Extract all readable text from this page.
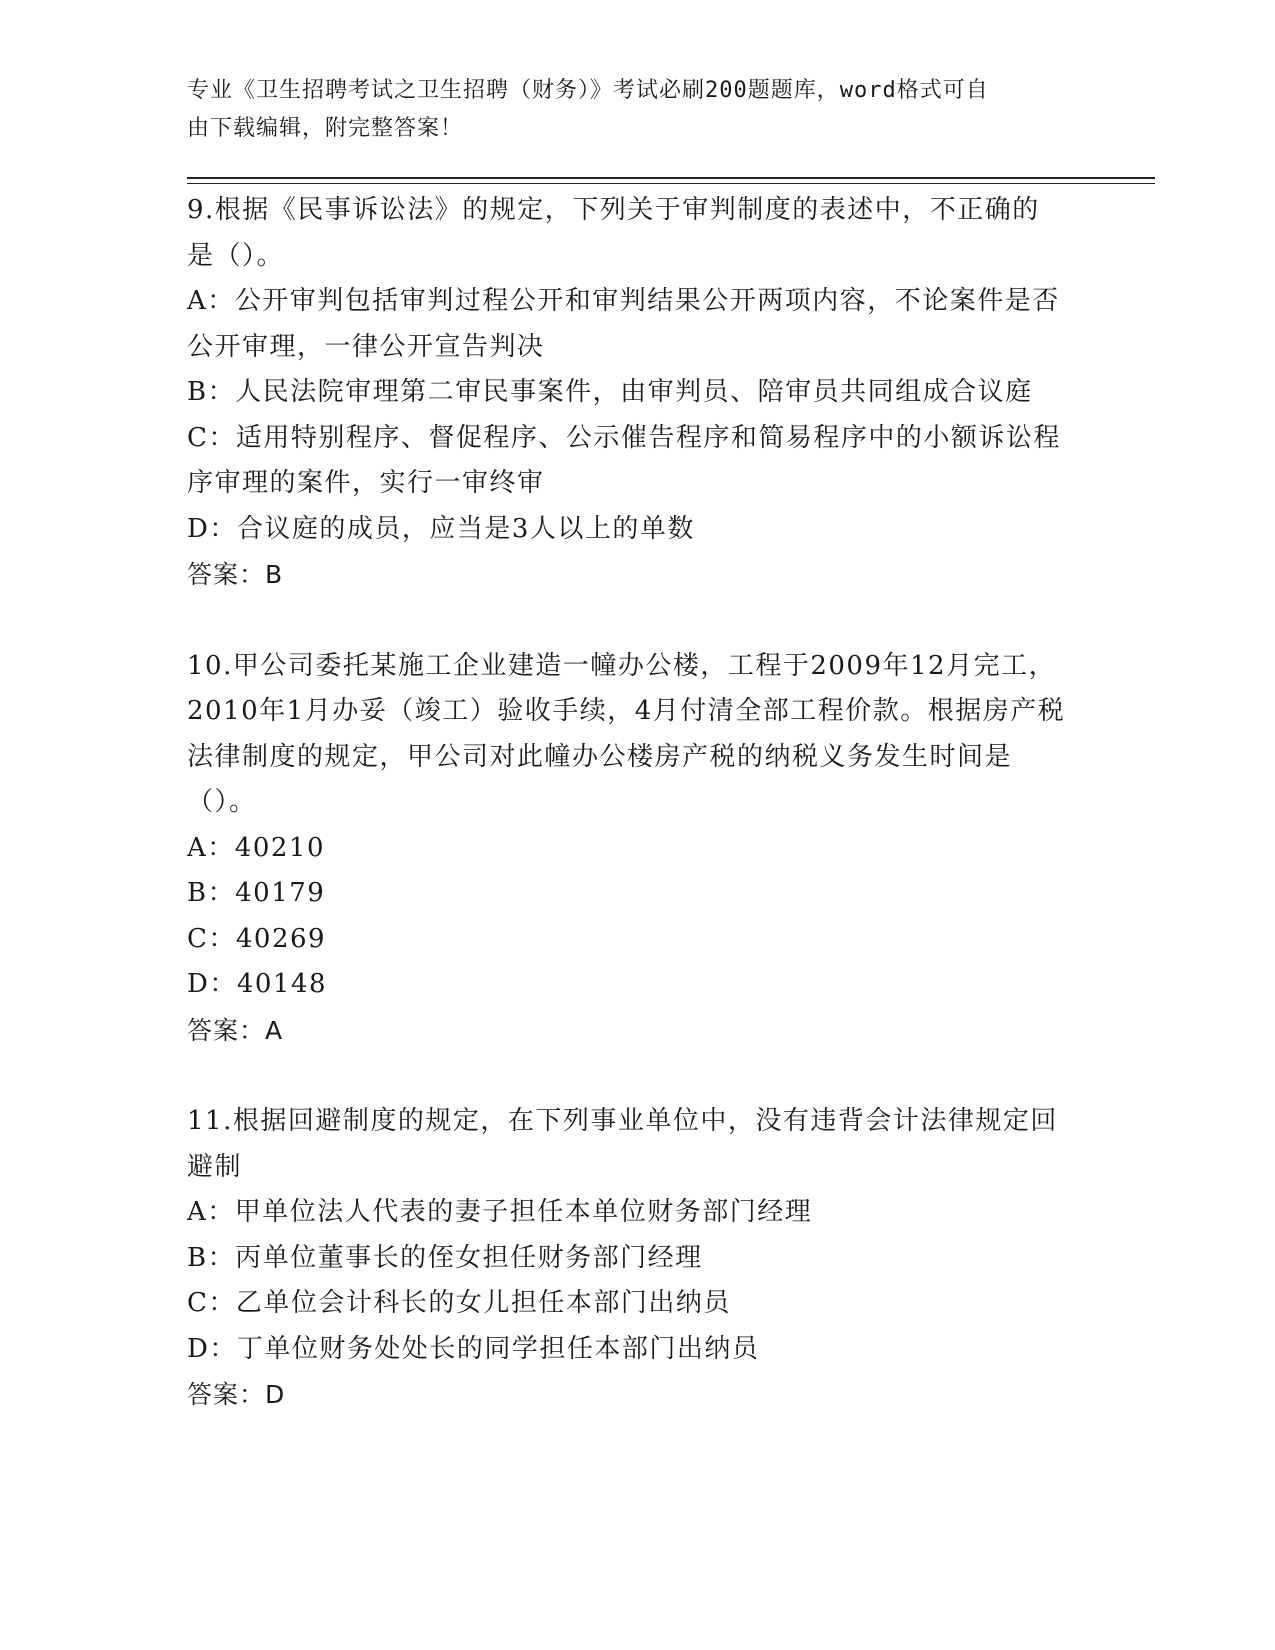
专业《卫生招聘考试之卫生招聘（财务）》考试必刷200题题库，word格式可自
由下载编辑，附完整答案！

9.根据《民事诉讼法》的规定，下列关于审判制度的表述中，不正确的是（）。

A：公开审判包括审判过程公开和审判结果公开两项内容，不论案件是否公开审理，一律公开宣告判决

B：人民法院审理第二审民事案件，由审判员、陪审员共同组成合议庭

C：适用特别程序、督促程序、公示催告程序和简易程序中的小额诉讼程序审理的案件，实行一审终审

D：合议庭的成员，应当是3人以上的单数

答案：B

10.甲公司委托某施工企业建造一幢办公楼，工程于2009年12月完工，2010年1月办妥（竣工）验收手续，4月付清全部工程价款。根据房产税法律制度的规定，甲公司对此幢办公楼房产税的纳税义务发生时间是（）。

A：40210

B：40179

C：40269

D：40148

答案：A

11.根据回避制度的规定，在下列事业单位中，没有违背会计法律规定回避制

A：甲单位法人代表的妻子担任本单位财务部门经理

B：丙单位董事长的侄女担任财务部门经理

C：乙单位会计科长的女儿担任本部门出纳员

D：丁单位财务处处长的同学担任本部门出纳员

答案：D
